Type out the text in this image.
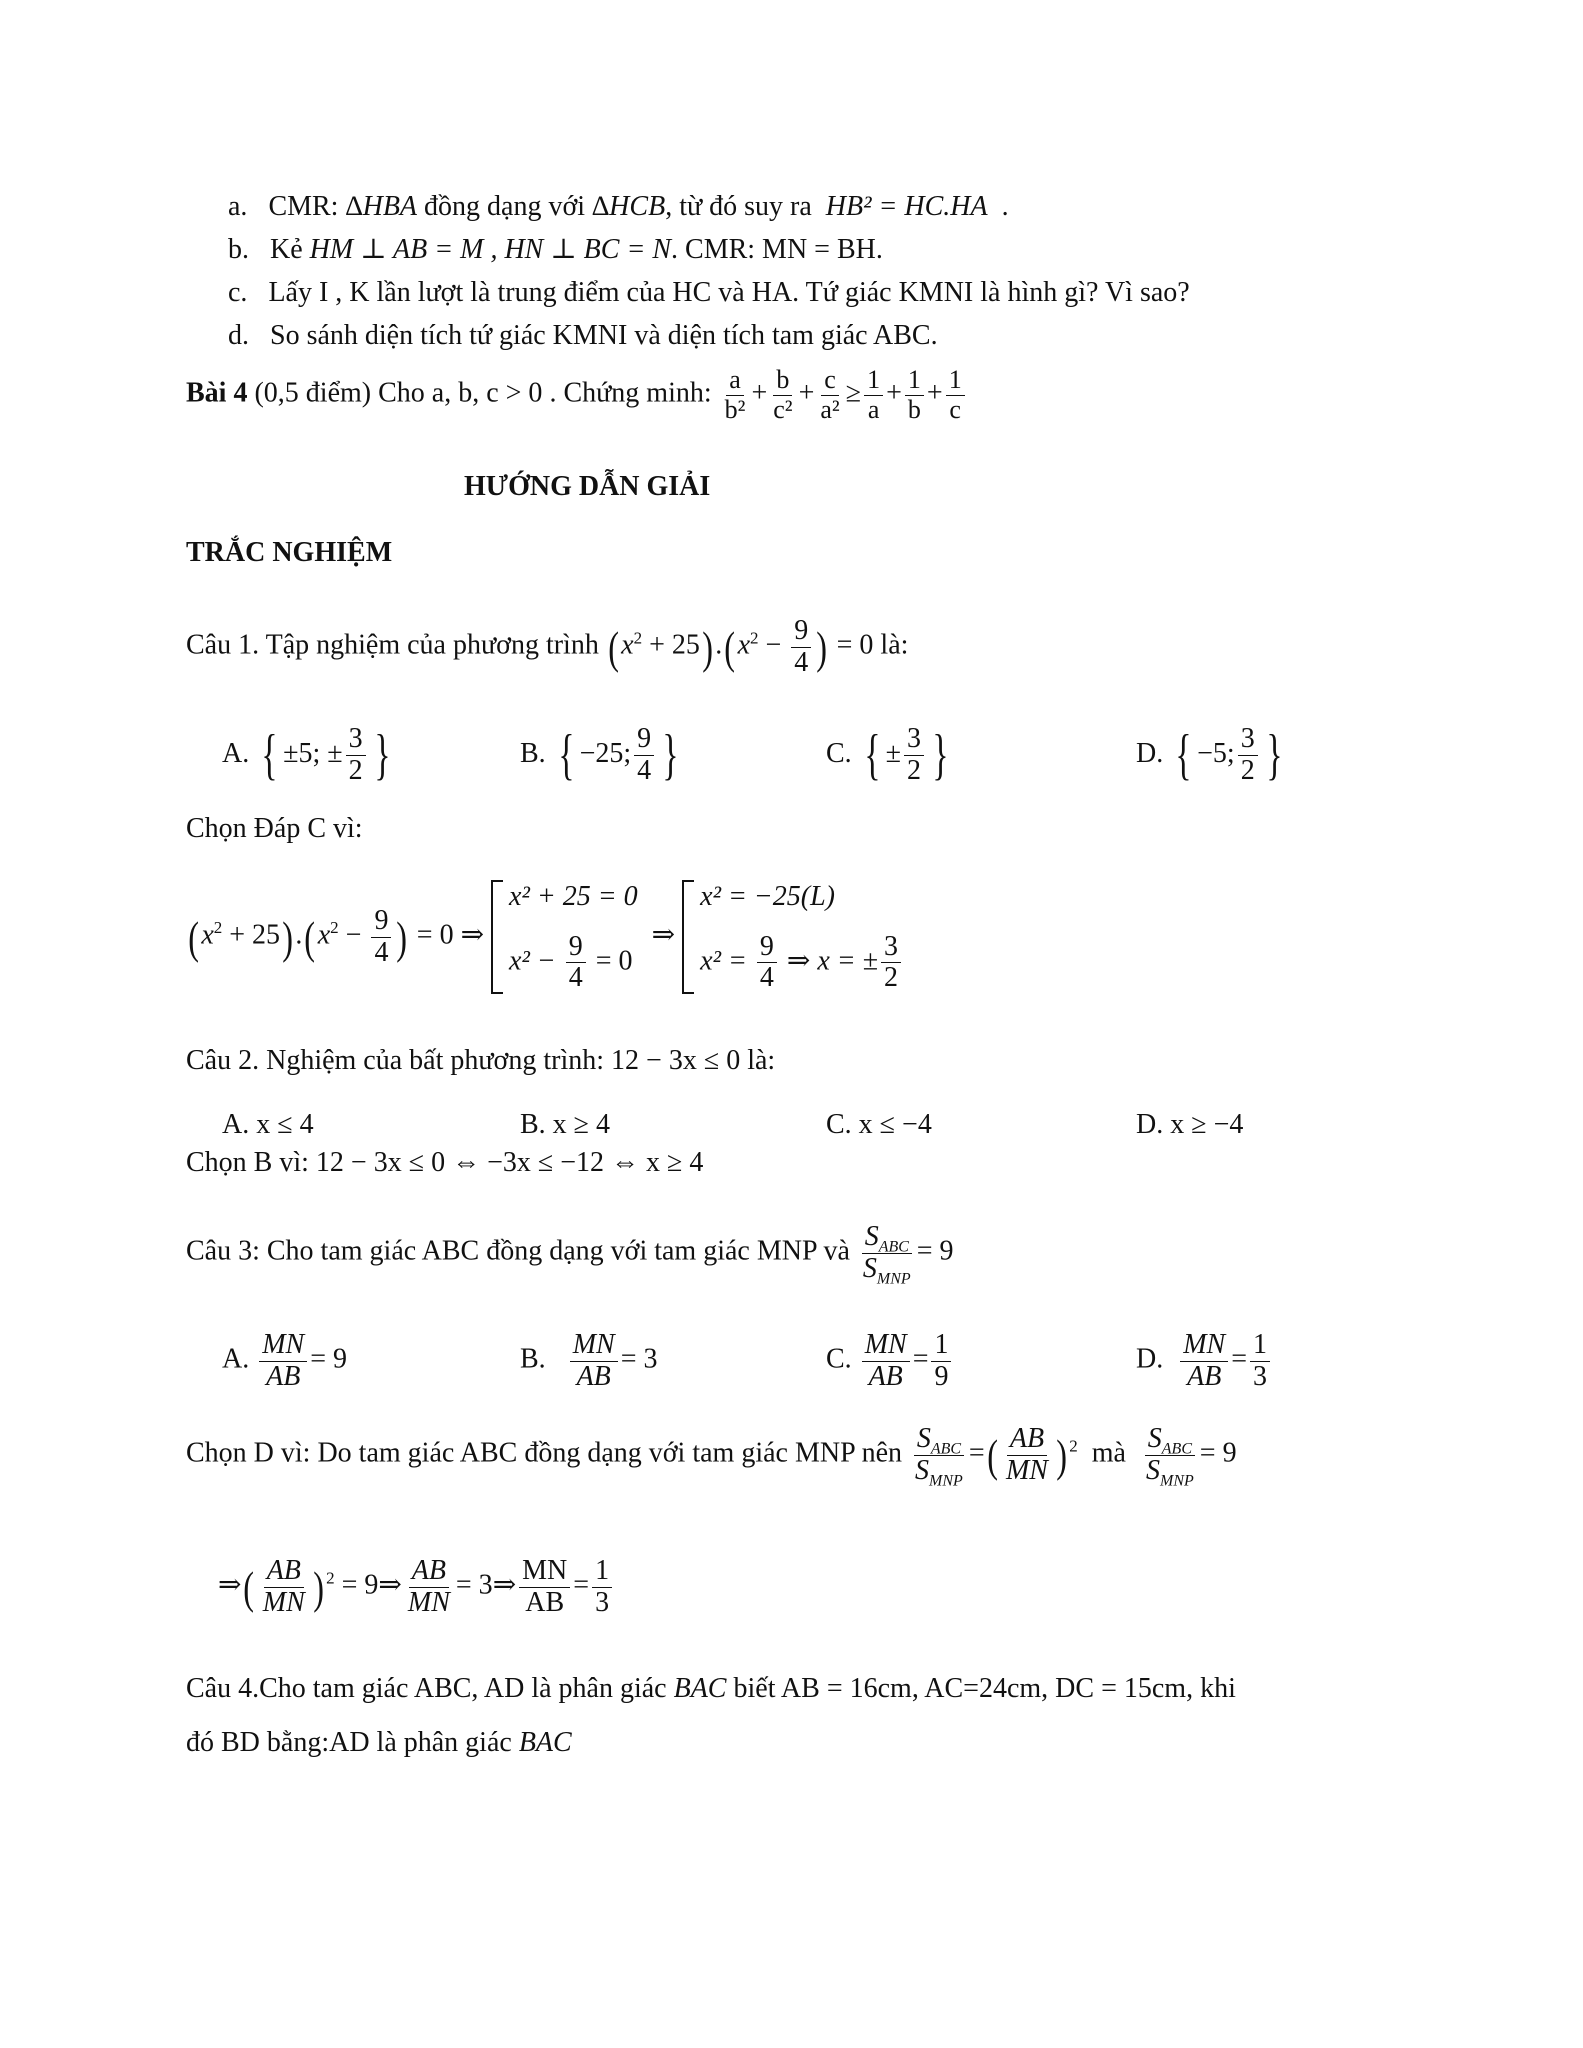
a. CMR: ∆HBA đồng dạng với ∆HCB, từ đó suy ra  HB² = HC.HA .
b. Kẻ HM ⊥ AB = M , HN ⊥ BC = N. CMR: MN = BH.
c. Lấy I , K lần lượt là trung điểm của HC và HA. Tứ giác KMNI là hình gì? Vì sao?
d. So sánh diện tích tứ giác KMNI và diện tích tam giác ABC.
Bài 4 (0,5 điểm) Cho a, b, c > 0 . Chứng minh: $\frac{a}{\text{b²}} + \frac{b}{\text{c²}} + \frac{c}{\text{a²}} \ge \frac{1}{a} + \frac{1}{b} + \frac{1}{c}$
HƯỚNG DẪN GIẢI
TRẮC NGHIỆM
Câu 1. Tập nghiệm của phương trình $(x^2 + 25).(x^2 - \frac{9}{4}$ ) = 0 là:
A. { ±5; ± $\frac{3}{2}$ }	B. { −25; $\frac{9}{4}$ }	C. { ± $\frac{3}{2}$ }	D. { −5; $\frac{3}{2}$ }
Chọn Đáp C vì:
$(x^2 + 25).(x^2 - \frac{9}{4}$ ) = 0 ⇒
x² + 25 = 0
$x^2 - \frac{9}{4} = 0$
⇒
x² = −25(L)
$x^2 = \frac{9}{4}$ ⇒ x = ± $\frac{3}{2}$
Câu 2. Nghiệm của bất phương trình: 12 − 3x ≤ 0 là:
A. x ≤ 4	B. x ≥ 4	C. x ≤ −4	D. x ≥ −4
Chọn B vì: 12 − 3x ≤ 0 ⇔ −3x ≤ −12 ⇔ x ≥ 4
Câu 3: Cho tam giác ABC đồng dạng với tam giác MNP và $\frac{S_{ABC}}{S_{MNP}} = 9$
A. $\frac{MN}{AB} = 9$	B. $\frac{MN}{AB} = 3$	C. $\frac{MN}{AB} = \frac{1}{9}$	D. $\frac{MN}{AB} = \frac{1}{3}$
Chọn D vì: Do tam giác ABC đồng dạng với tam giác MNP nên $\frac{S_{ABC}}{S_{MNP}}$ =( $\frac{AB}{MN}$ ) $^2$ mà $\frac{S_{ABC}}{S_{MNP}} = 9$
⇒( $\frac{AB}{MN}$ ) $^2$ = 9⇒ $\frac{AB}{MN}$ = 3⇒ $\frac{MN}{AB} = \frac{1}{3}$
Câu 4.Cho tam giác ABC, AD là phân giác BAC biết AB = 16cm, AC=24cm, DC = 15cm, khi
đó BD bằng:AD là phân giác BAC
